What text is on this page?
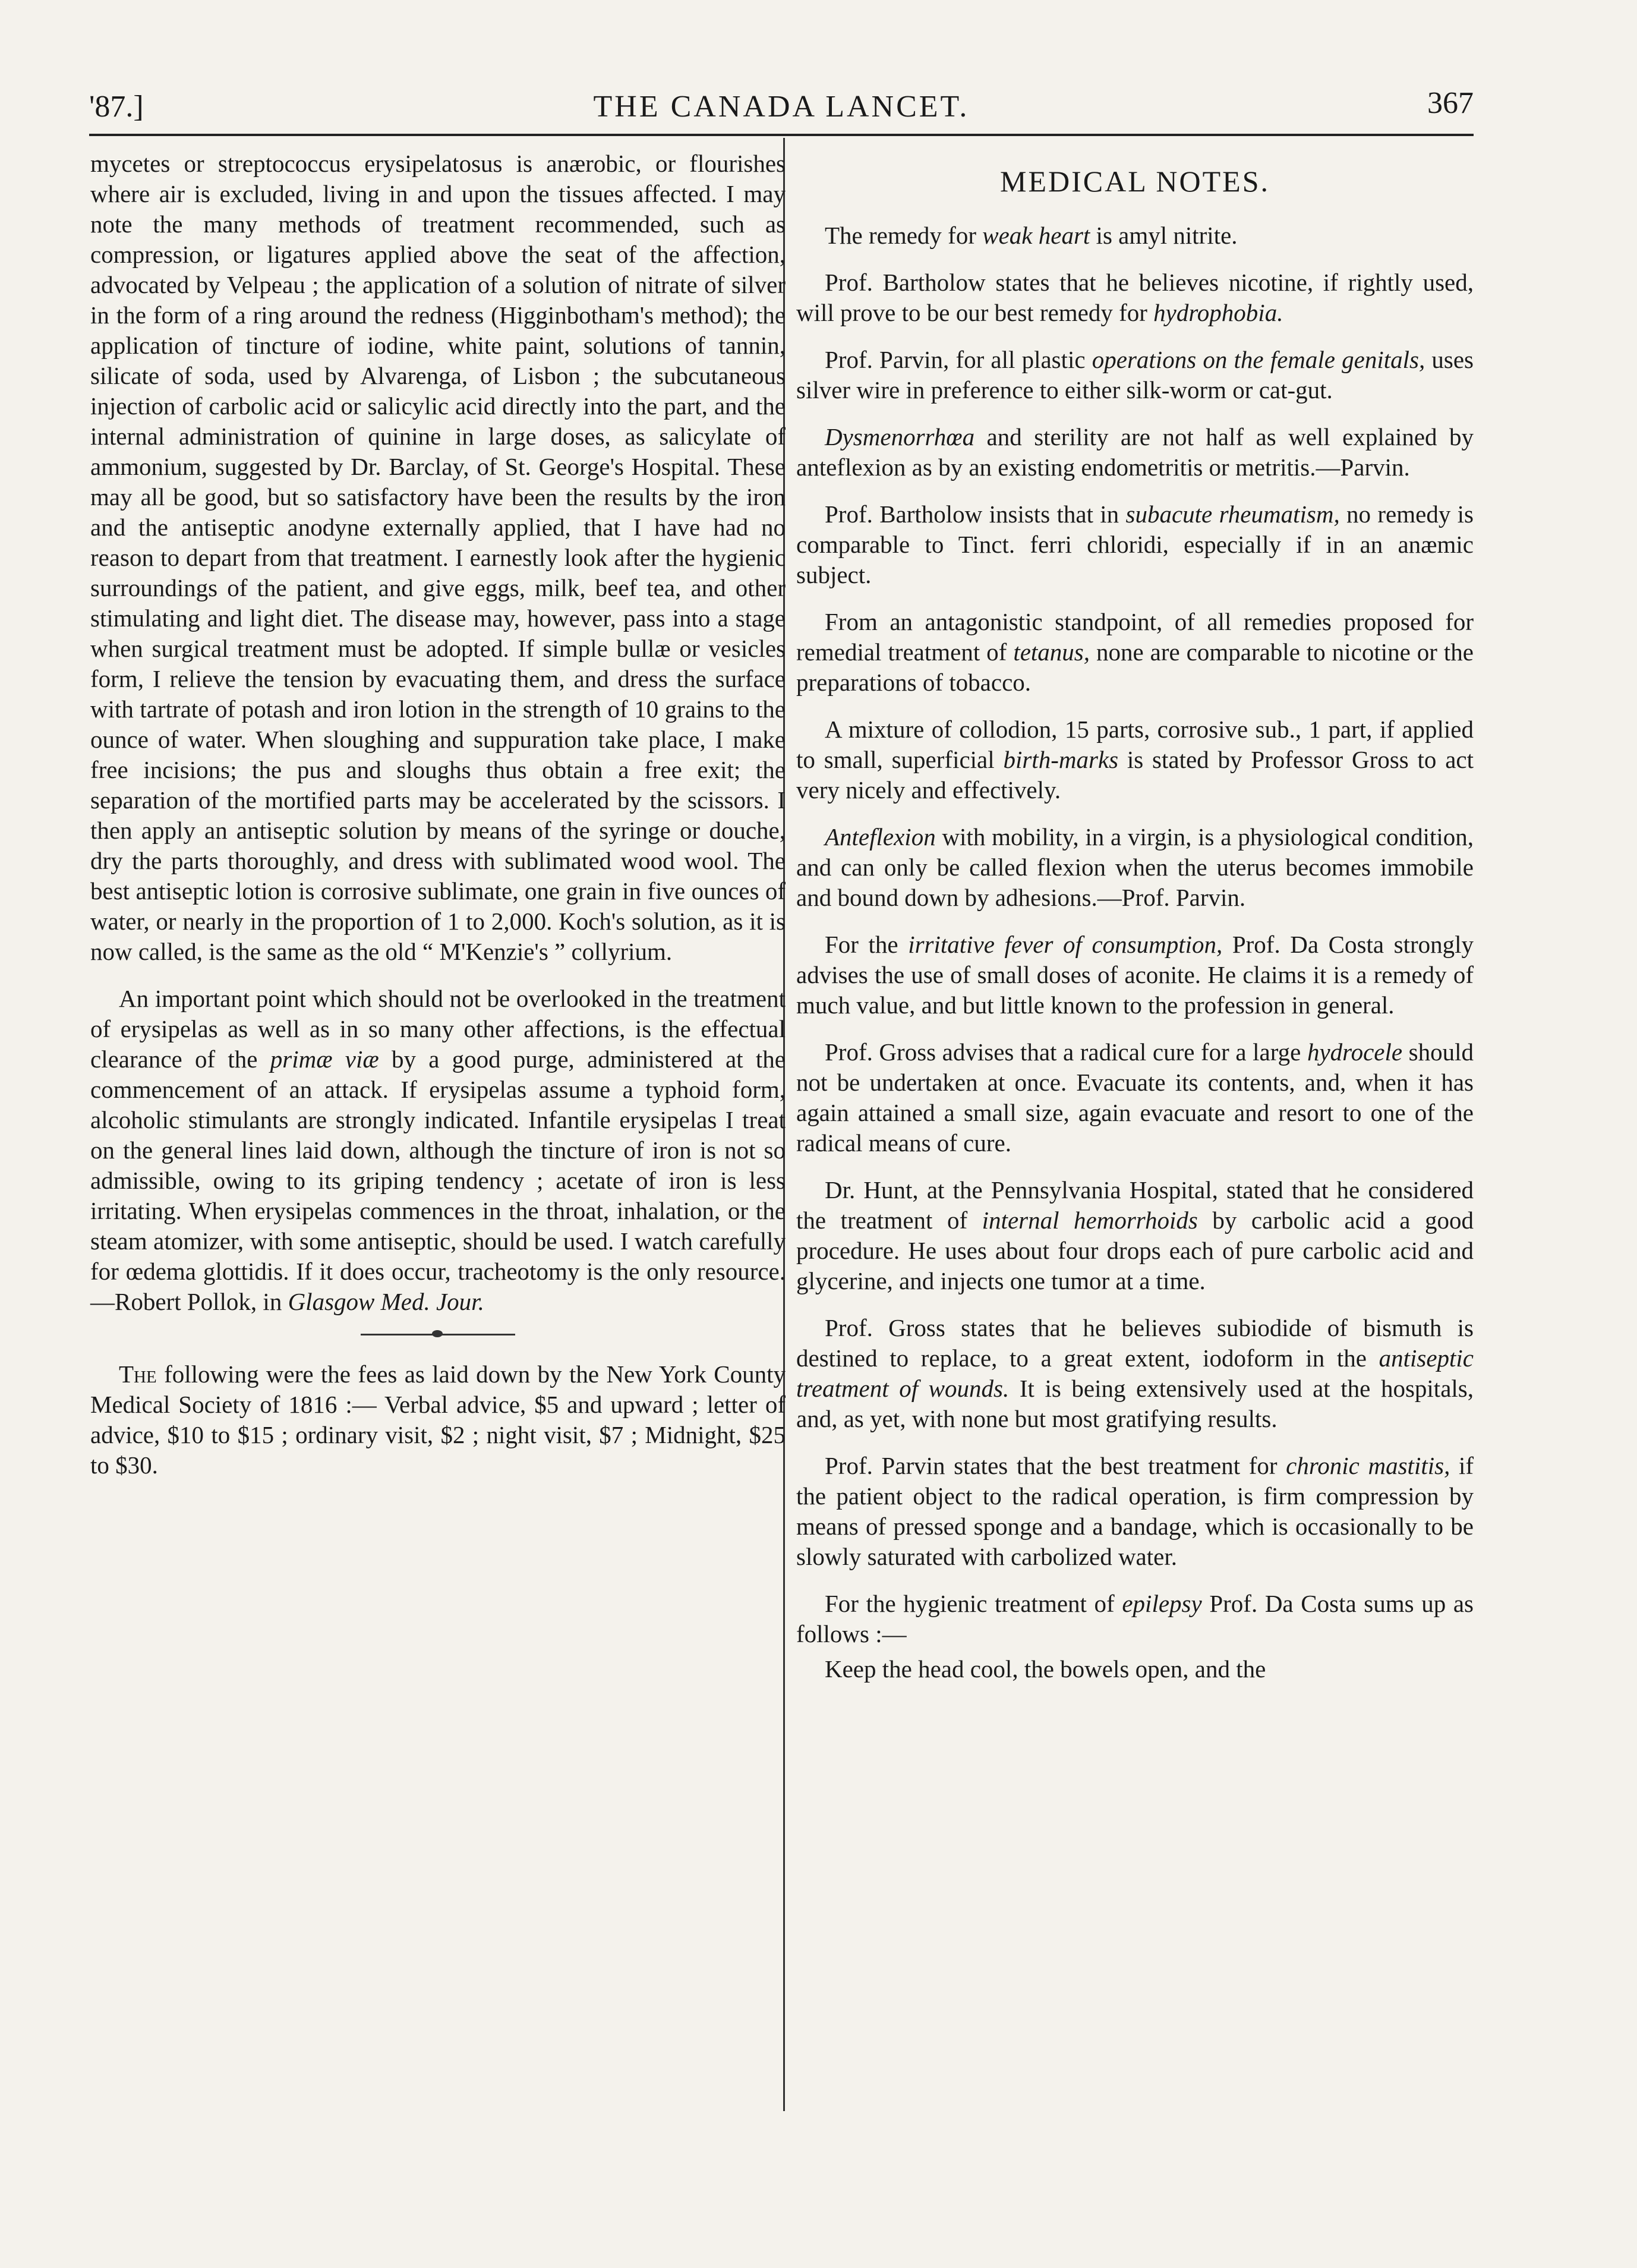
'87.]	THE CANADA LANCET.	367

mycetes or streptococcus erysipelatosus is anærobic, or flourishes where air is excluded, living in and upon the tissues affected. I may note the many methods of treatment recommended, such as compression, or ligatures applied above the seat of the affection, advocated by Velpeau ; the application of a solution of nitrate of silver in the form of a ring around the redness (Higginbotham's method); the application of tincture of iodine, white paint, solutions of tannin, silicate of soda, used by Alvarenga, of Lisbon ; the subcutaneous injection of carbolic acid or salicylic acid directly into the part, and the internal administration of quinine in large doses, as salicylate of ammonium, suggested by Dr. Barclay, of St. George's Hospital. These may all be good, but so satisfactory have been the results by the iron and the antiseptic anodyne externally applied, that I have had no reason to depart from that treatment. I earnestly look after the hygienic surroundings of the patient, and give eggs, milk, beef tea, and other stimulating and light diet. The disease may, however, pass into a stage when surgical treatment must be adopted. If simple bullæ or vesicles form, I relieve the tension by evacuating them, and dress the surface with tartrate of potash and iron lotion in the strength of 10 grains to the ounce of water. When sloughing and suppuration take place, I make free incisions; the pus and sloughs thus obtain a free exit; the separation of the mortified parts may be accelerated by the scissors. I then apply an antiseptic solution by means of the syringe or douche, dry the parts thoroughly, and dress with sublimated wood wool. The best antiseptic lotion is corrosive sublimate, one grain in five ounces of water, or nearly in the proportion of 1 to 2,000. Koch's solution, as it is now called, is the same as the old “ M'Kenzie's ” collyrium.

An important point which should not be overlooked in the treatment of erysipelas as well as in so many other affections, is the effectual clearance of the primæ viæ by a good purge, administered at the commencement of an attack. If erysipelas assume a typhoid form, alcoholic stimulants are strongly indicated. Infantile erysipelas I treat on the general lines laid down, although the tincture of iron is not so admissible, owing to its griping tendency ; acetate of iron is less irritating. When erysipelas commences in the throat, inhalation, or the steam atomizer, with some antiseptic, should be used. I watch carefully for œdema glottidis. If it does occur, tracheotomy is the only resource.—Robert Pollok, in Glasgow Med. Jour.

The following were the fees as laid down by the New York County Medical Society of 1816 :— Verbal advice, $5 and upward ; letter of advice, $10 to $15 ; ordinary visit, $2 ; night visit, $7 ; Midnight, $25 to $30.

MEDICAL NOTES.

The remedy for weak heart is amyl nitrite.

Prof. Bartholow states that he believes nicotine, if rightly used, will prove to be our best remedy for hydrophobia.

Prof. Parvin, for all plastic operations on the female genitals, uses silver wire in preference to either silk-worm or cat-gut.

Dysmenorrhœa and sterility are not half as well explained by anteflexion as by an existing endometritis or metritis.—Parvin.

Prof. Bartholow insists that in subacute rheumatism, no remedy is comparable to Tinct. ferri chloridi, especially if in an anæmic subject.

From an antagonistic standpoint, of all remedies proposed for remedial treatment of tetanus, none are comparable to nicotine or the preparations of tobacco.

A mixture of collodion, 15 parts, corrosive sub., 1 part, if applied to small, superficial birth-marks is stated by Professor Gross to act very nicely and effectively.

Anteflexion with mobility, in a virgin, is a physiological condition, and can only be called flexion when the uterus becomes immobile and bound down by adhesions.—Prof. Parvin.

For the irritative fever of consumption, Prof. Da Costa strongly advises the use of small doses of aconite. He claims it is a remedy of much value, and but little known to the profession in general.

Prof. Gross advises that a radical cure for a large hydrocele should not be undertaken at once. Evacuate its contents, and, when it has again attained a small size, again evacuate and resort to one of the radical means of cure.

Dr. Hunt, at the Pennsylvania Hospital, stated that he considered the treatment of internal hemorrhoids by carbolic acid a good procedure. He uses about four drops each of pure carbolic acid and glycerine, and injects one tumor at a time.

Prof. Gross states that he believes subiodide of bismuth is destined to replace, to a great extent, iodoform in the antiseptic treatment of wounds. It is being extensively used at the hospitals, and, as yet, with none but most gratifying results.

Prof. Parvin states that the best treatment for chronic mastitis, if the patient object to the radical operation, is firm compression by means of pressed sponge and a bandage, which is occasionally to be slowly saturated with carbolized water.

For the hygienic treatment of epilepsy Prof. Da Costa sums up as follows :—

Keep the head cool, the bowels open, and the
